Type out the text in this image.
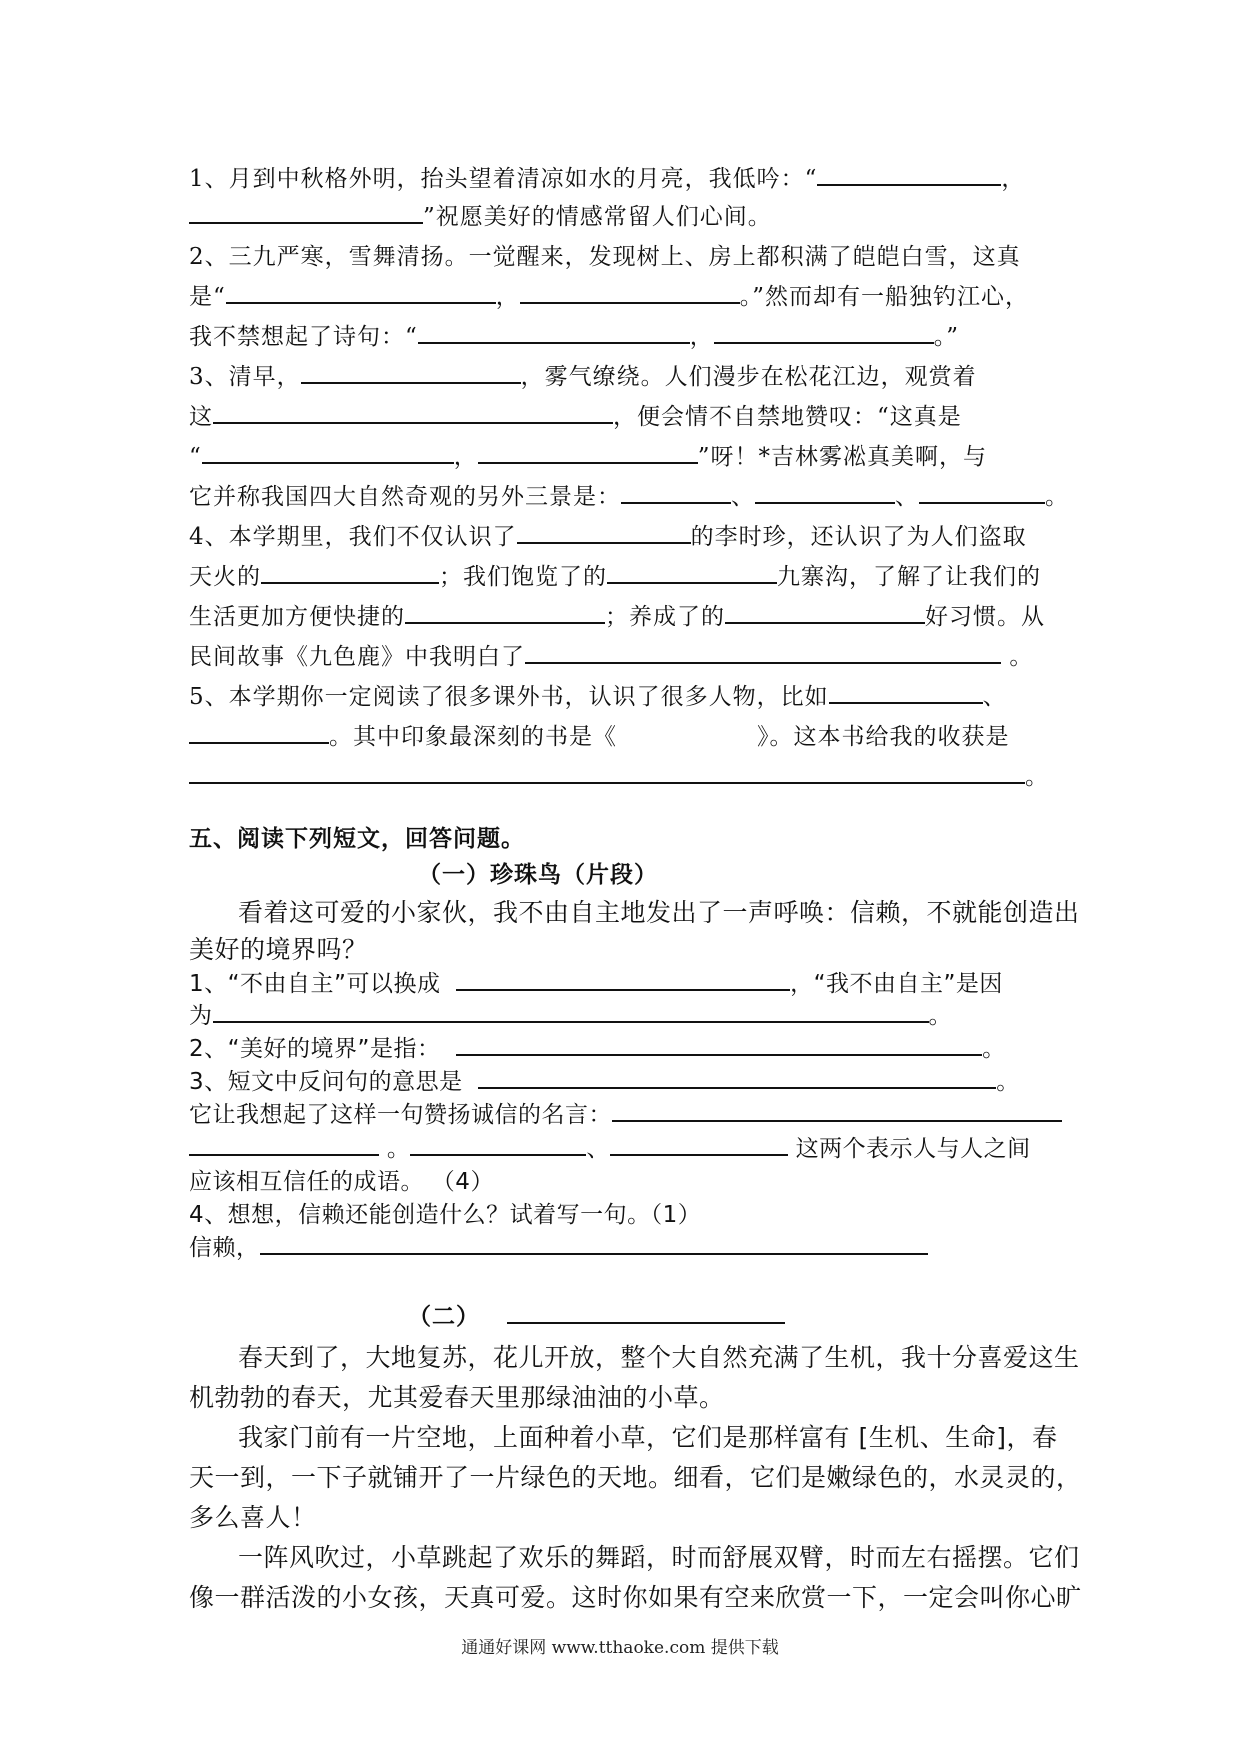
1、月到中秋格外明，抬头望着清凉如水的月亮，我低吟：“	，
”祝愿美好的情感常留人们心间。
2、三九严寒，雪舞清扬。一觉醒来，发现树上、房上都积满了皑皑白雪，这真
是“	，	。”然而却有一船独钓江心，
我不禁想起了诗句：“	，	。”
3、清早，	，雾气缭绕。人们漫步在松花江边，观赏着
这	，便会情不自禁地赞叹：“这真是
“	，	”呀！*吉林雾凇真美啊，与
它并称我国四大自然奇观的另外三景是：	、	、	。
4、本学期里，我们不仅认识了	的李时珍，还认识了为人们盗取
天火的	；我们饱览了的	九寨沟，了解了让我们的
生活更加方便快捷的	；养成了的	好习惯。从
民间故事《九色鹿》中我明白了	。
5、本学期你一定阅读了很多课外书，认识了很多人物，比如	、
。其中印象最深刻的书是《	》。这本书给我的收获是
。
五、阅读下列短文，回答问题。
（一）珍珠鸟（片段）
看着这可爱的小家伙，我不由自主地发出了一声呼唤：信赖，不就能创造出
美好的境界吗？
1、“不由自主”可以换成	，“我不由自主”是因
为	。
2、“美好的境界”是指：	。
3、短文中反问句的意思是	。
它让我想起了这样一句赞扬诚信的名言：
。	、	这两个表示人与人之间
应该相互信任的成语。 （4）
4、想想，信赖还能创造什么？试着写一句。（1）
信赖，
（二）
春天到了，大地复苏，花儿开放，整个大自然充满了生机，我十分喜爱这生
机勃勃的春天，尤其爱春天里那绿油油的小草。
我家门前有一片空地，上面种着小草，它们是那样富有 [生机、生命]，春
天一到，一下子就铺开了一片绿色的天地。细看，它们是嫩绿色的，水灵灵的，
多么喜人！
一阵风吹过，小草跳起了欢乐的舞蹈，时而舒展双臂，时而左右摇摆。它们
像一群活泼的小女孩，天真可爱。这时你如果有空来欣赏一下，一定会叫你心旷
通通好课网 www.tthaoke.com 提供下载
